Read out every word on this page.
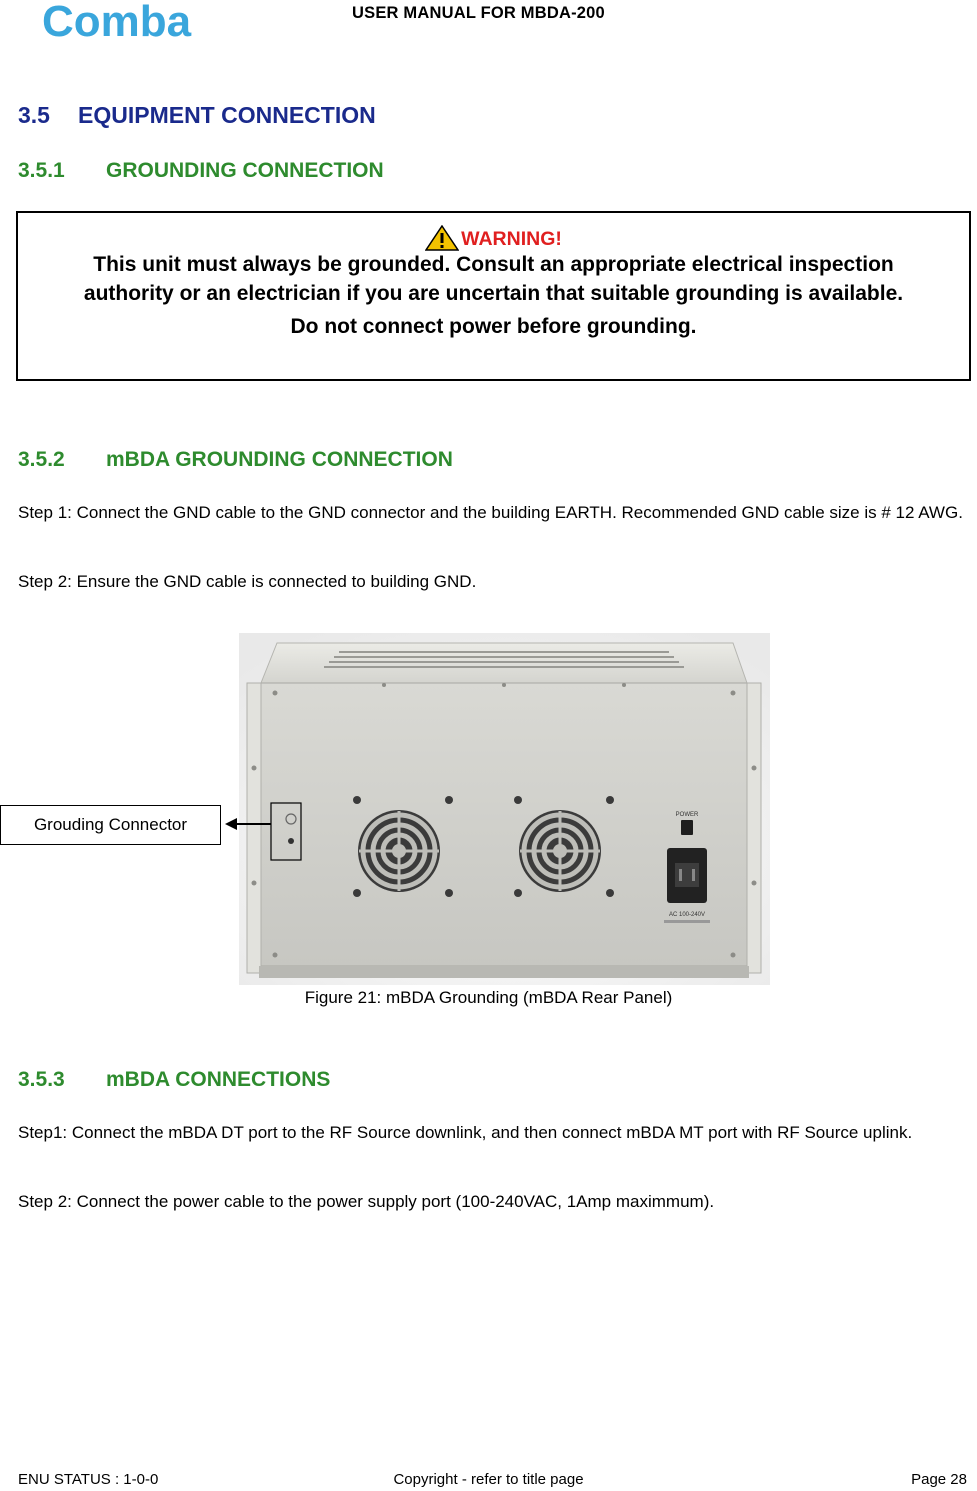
Comba	USER MANUAL FOR MBDA-200
3.5 EQUIPMENT CONNECTION
3.5.1 GROUNDING CONNECTION
WARNING!
This unit must always be grounded. Consult an appropriate electrical inspection authority or an electrician if you are uncertain that suitable grounding is available.
Do not connect power before grounding.
3.5.2 mBDA GROUNDING CONNECTION
Step 1: Connect the GND cable to the GND connector and the building EARTH. Recommended GND cable size is # 12 AWG.
Step 2: Ensure the GND cable is connected to building GND.
POWER
AC 100-240V
Grouding Connector
Figure 21: mBDA Grounding (mBDA Rear Panel)
3.5.3 mBDA CONNECTIONS
Step1: Connect the mBDA DT port to the RF Source downlink, and then connect mBDA MT port with RF Source uplink.
Step 2: Connect the power cable to the power supply port (100-240VAC, 1Amp maximmum).
ENU STATUS : 1-0-0	Copyright - refer to title page	Page 28
